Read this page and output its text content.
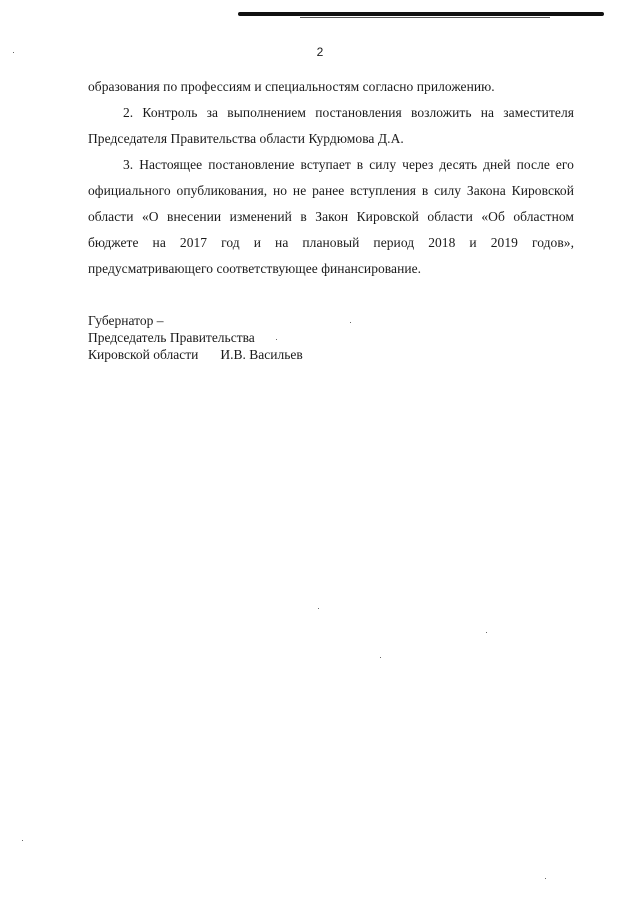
2

образования по профессиям и специальностям согласно приложению.

2. Контроль за выполнением постановления возложить на заместителя Председателя Правительства области Курдюмова Д.А.

3. Настоящее постановление вступает в силу через десять дней после его официального опубликования, но не ранее вступления в силу Закона Кировской области «О внесении изменений в Закон Кировской области «Об областном бюджете на 2017 год и на плановый период 2018 и 2019 годов», предусматривающего соответствующее финансирование.

Губернатор –
Председатель Правительства
Кировской области И.В. Васильев
